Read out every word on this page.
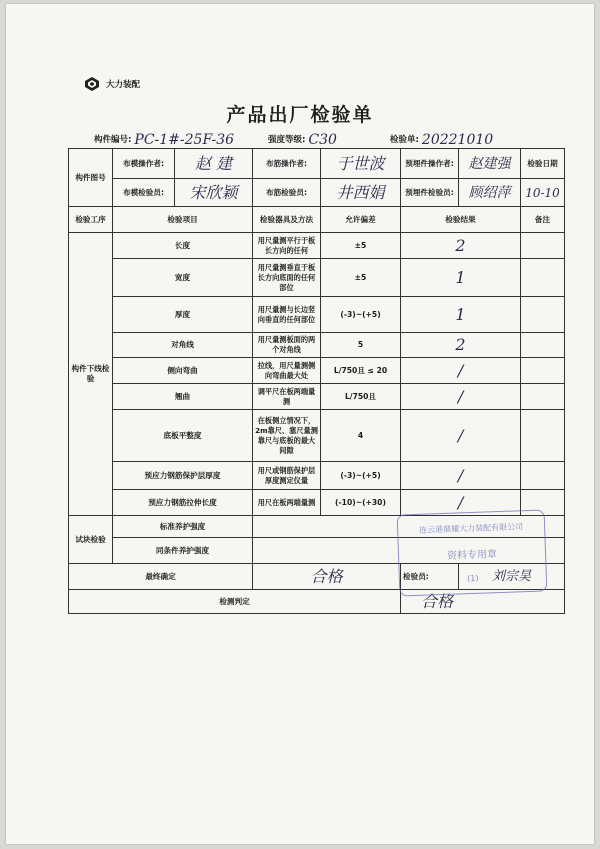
大力装配
产品出厂检验单
构件编号: PC-1#-25F-36	强度等级: C30	检验单: 20221010
构件图号	布模操作者:	赵 建	布筋操作者:	于世波	预埋件操作者:	赵建强	检验日期
	布模检验员:	宋欣颖	布筋检验员:	井西娟	预埋件检验员:	顾绍萍	10-10
检验工序	检验项目		检验器具及方法	允许偏差	检验结果		备注
构件下线检验	长度		用尺量测平行于板长方向的任何	±5	2		
	宽度		用尺量测垂直于板长方向底面的任何部位	±5	1		
	厚度		用尺量测与长边竖向垂直的任何部位	(-3)~(+5)	1		
	对角线		用尺量测板面的两个对角线	5	2		
	侧向弯曲		拉线，用尺量测侧向弯曲最大处	L/750且 ≤ 20	/		
	翘曲		调平尺在板两端量测	L/750且	/		
	底板平整度		在板侧立情况下，2m靠尺、塞尺量测靠尺与底板的最大间隙	4	/		
	预应力钢筋保护层厚度		用尺或钢筋保护层厚度测定仪量	(-3)~(+5)	/		
	预应力钢筋拉伸长度		用尺在板两端量测	(-10)~(+30)	/		
试块检验	标准养护强度						
	同条件养护强度						
最终确定			合格		检验员:	刘宗昊	
检测判定					合格		
连云港鼎耀大力装配有限公司
资料专用章
(1)
